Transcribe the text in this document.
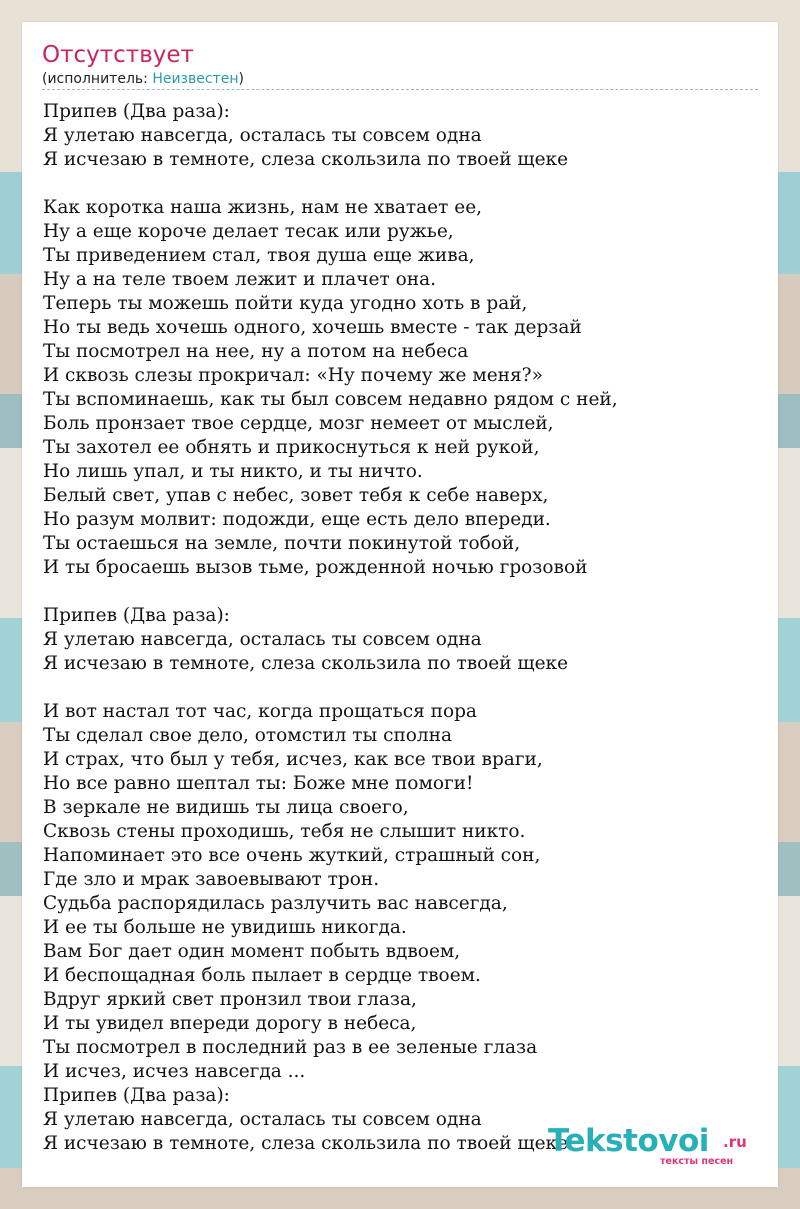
Отсутствует
(исполнитель: Неизвестен)
Припев (Два раза):
Я улетаю навсегда, осталась ты совсем одна
Я исчезаю в темноте, слеза скользила по твоей щеке
Как коротка наша жизнь, нам не хватает ее,
Ну а еще короче делает тесак или ружье,
Ты приведением стал, твоя душа еще жива,
Ну а на теле твоем лежит и плачет она.
Теперь ты можешь пойти куда угодно хоть в рай,
Но ты ведь хочешь одного, хочешь вместе - так дерзай
Ты посмотрел на нее, ну а потом на небеса
И сквозь слезы прокричал: «Ну почему же меня?»
Ты вспоминаешь, как ты был совсем недавно рядом с ней,
Боль пронзает твое сердце, мозг немеет от мыслей,
Ты захотел ее обнять и прикоснуться к ней рукой,
Но лишь упал, и ты никто, и ты ничто.
Белый свет, упав с небес, зовет тебя к себе наверх,
Но разум молвит: подожди, еще есть дело впереди.
Ты остаешься на земле, почти покинутой тобой,
И ты бросаешь вызов тьме, рожденной ночью грозовой
Припев (Два раза):
Я улетаю навсегда, осталась ты совсем одна
Я исчезаю в темноте, слеза скользила по твоей щеке
И вот настал тот час, когда прощаться пора
Ты сделал свое дело, отомстил ты сполна
И страх, что был у тебя, исчез, как все твои враги,
Но все равно шептал ты: Боже мне помоги!
В зеркале не видишь ты лица своего,
Сквозь стены проходишь, тебя не слышит никто.
Напоминает это все очень жуткий, страшный сон,
Где зло и мрак завоевывают трон.
Судьба распорядилась разлучить вас навсегда,
И ее ты больше не увидишь никогда.
Вам Бог дает один момент побыть вдвоем,
И беспощадная боль пылает в сердце твоем.
Вдруг яркий свет пронзил твои глаза,
И ты увидел впереди дорогу в небеса,
Ты посмотрел в последний раз в ее зеленые глаза
И исчез, исчез навсегда ...
Припев (Два раза):
Я улетаю навсегда, осталась ты совсем одна
Я исчезаю в темноте, слеза скользила по твоей щеке
Tekstovoi .ru
тексты песен
